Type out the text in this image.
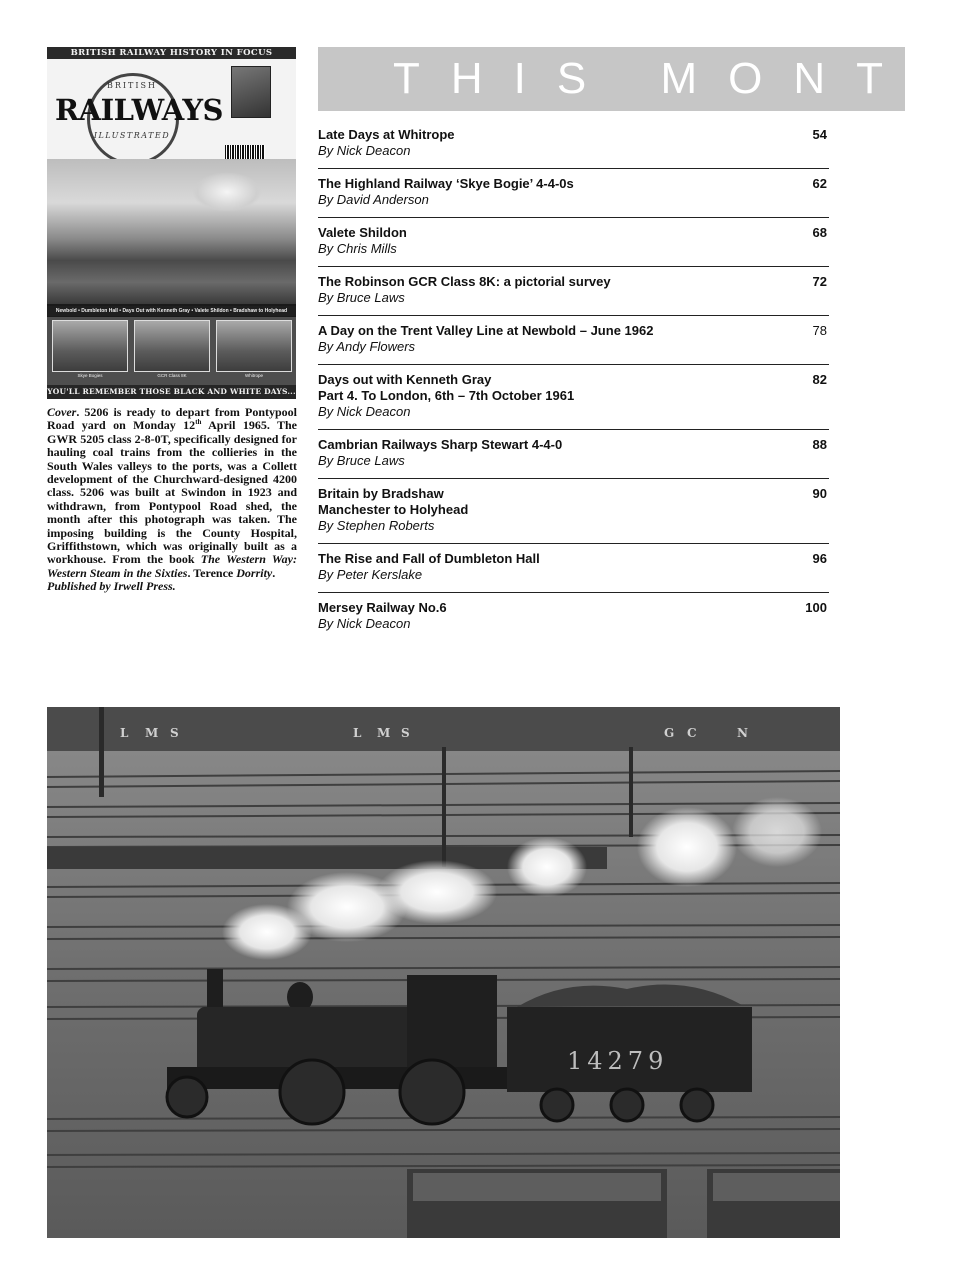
BRITISH RAILWAY HISTORY IN FOCUS
BRITISH
RAILWAYS
ILLUSTRATED
Newbold • Dumbleton Hall • Days Out with Kenneth Gray • Valete Shildon • Bradshaw to Holyhead
Skye Bogies	GCR Class 8K	Whitrope
YOU'LL REMEMBER THOSE BLACK AND WHITE DAYS...

Cover. 5206 is ready to depart from Pontypool Road yard on Monday 12th April 1965. The GWR 5205 class 2-8-0T, specifically designed for hauling coal trains from the collieries in the South Wales valleys to the ports, was a Collett development of the Churchward-designed 4200 class. 5206 was built at Swindon in 1923 and withdrawn, from Pontypool Road shed, the month after this photograph was taken. The imposing building is the County Hospital, Griffithstown, which was originally built as a workhouse. From the book The Western Way: Western Steam in the Sixties. Terence Dorrity.

Published by Irwell Press.

THIS MONTH
Late Days at Whitrope
By Nick Deacon
54
The Highland Railway ‘Skye Bogie’ 4-4-0s
By David Anderson
62
Valete Shildon
By Chris Mills
68
The Robinson GCR Class 8K: a pictorial survey
By Bruce Laws
72
A Day on the Trent Valley Line at Newbold – June 1962
By Andy Flowers
78
Days out with Kenneth Gray
Part 4. To London, 6th – 7th October 1961
By Nick Deacon
82
Cambrian Railways Sharp Stewart 4-4-0
By Bruce Laws
88
Britain by Bradshaw
Manchester to Holyhead
By Stephen Roberts
90
The Rise and Fall of Dumbleton Hall
By Peter Kerslake
96
Mersey Railway No.6
By Nick Deacon
100
L M S	L M S	G C	N
14279
